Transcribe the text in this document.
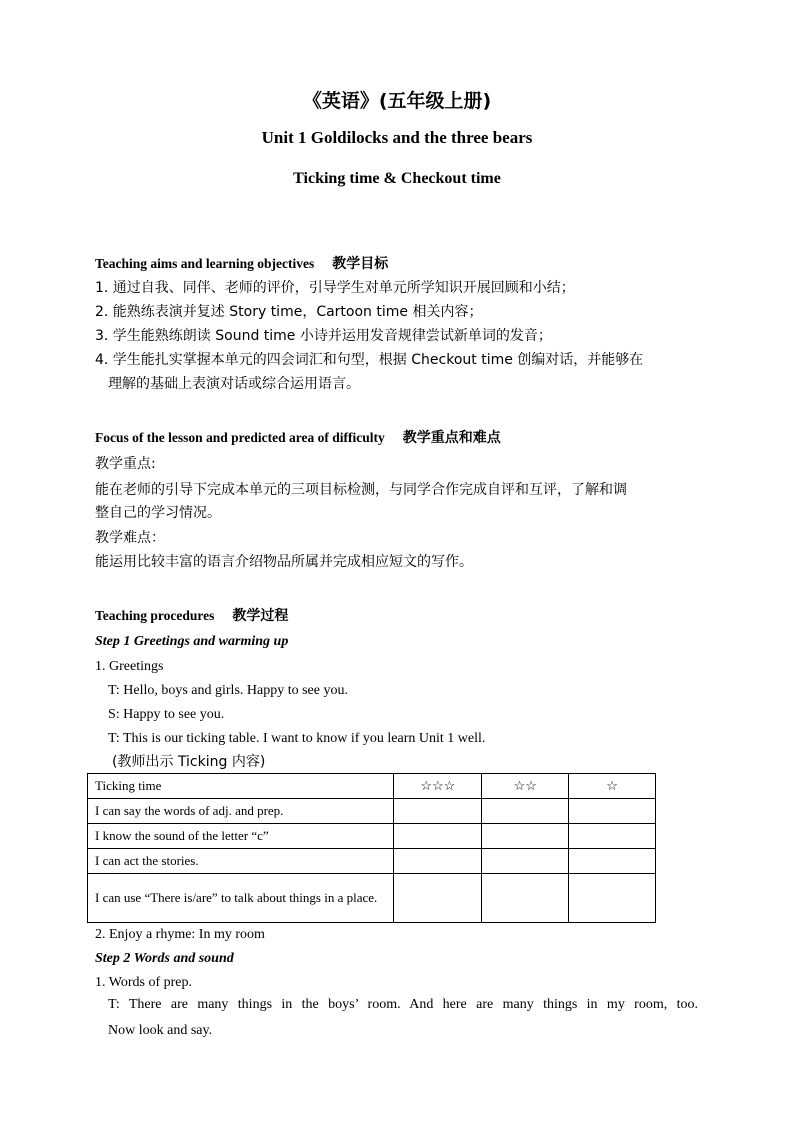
《英语》(五年级上册)
Unit 1 Goldilocks and the three bears
Ticking time & Checkout time
Teaching aims and learning objectives 教学目标
1. 通过自我、同伴、老师的评价，引导学生对单元所学知识开展回顾和小结；
2. 能熟练表演并复述 Story time，Cartoon time 相关内容；
3. 学生能熟练朗读 Sound time 小诗并运用发音规律尝试新单词的发音；
4. 学生能扎实掌握本单元的四会词汇和句型，根据 Checkout time 创编对话，并能够在
理解的基础上表演对话或综合运用语言。
Focus of the lesson and predicted area of difficulty 教学重点和难点
教学重点:
能在老师的引导下完成本单元的三项目标检测，与同学合作完成自评和互评，了解和调
整自己的学习情况。
教学难点：
能运用比较丰富的语言介绍物品所属并完成相应短文的写作。
Teaching procedures 教学过程
Step 1 Greetings and warming up
1. Greetings
T: Hello, boys and girls. Happy to see you.
S: Happy to see you.
T: This is our ticking table. I want to know if you learn Unit 1 well.
(教师出示 Ticking 内容)
Ticking time	☆☆☆	☆☆	☆
I can say the words of adj. and prep.			
I know the sound of the letter “c”			
I can act the stories.			

I can use “There is/are” to talk about things in a place.			

2. Enjoy a rhyme: In my room
Step 2 Words and sound
1. Words of prep.
T: There are many things in the boys’ room. And here are many things in my room, too.
Now look and say.
